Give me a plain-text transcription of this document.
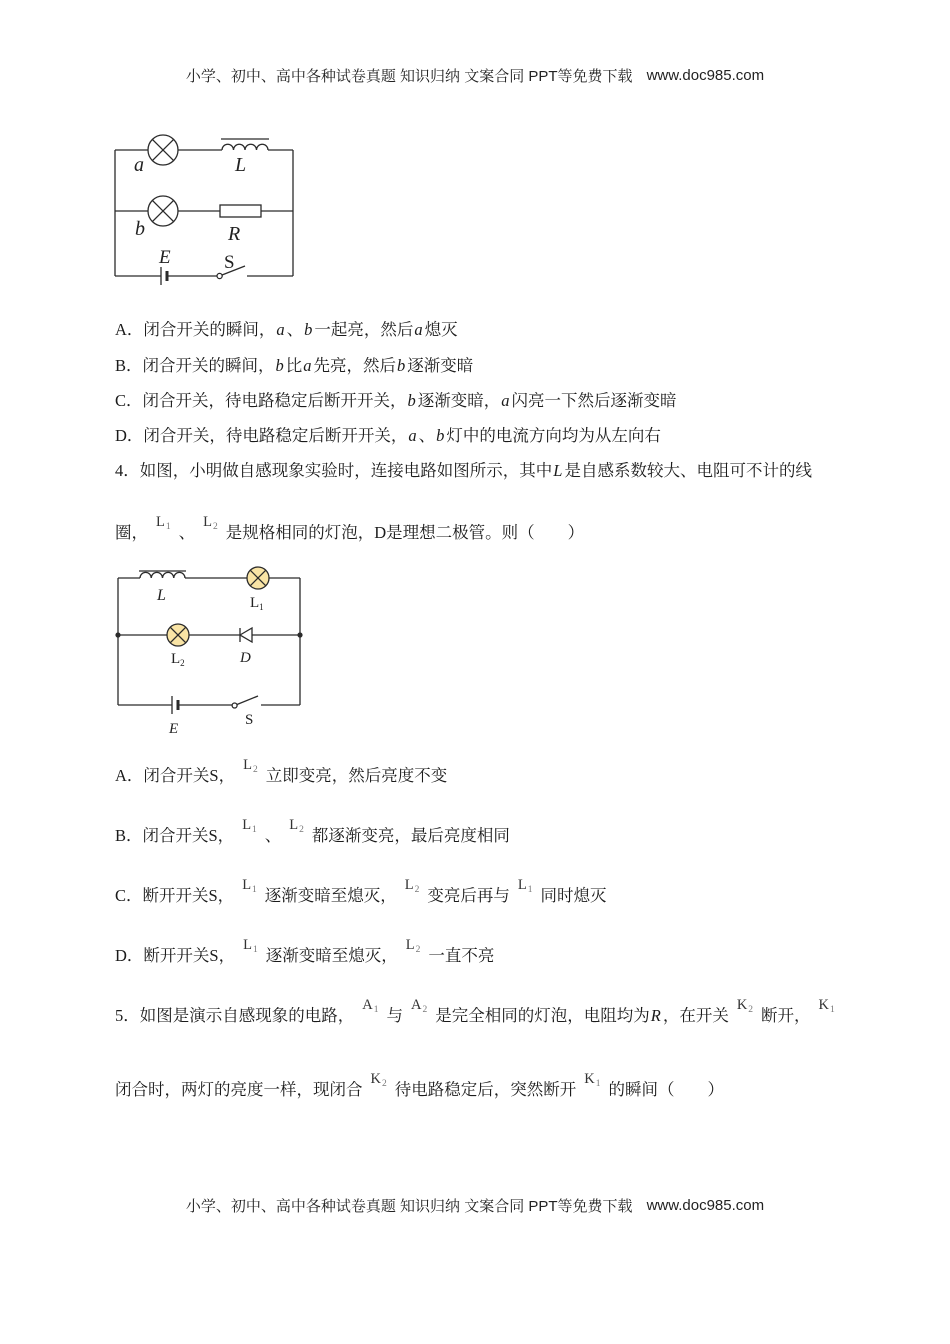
小学、初中、高中各种试卷真题 知识归纳 文案合同 PPT等免费下载 www.doc985.com
a	L
b	R
E	S
A．闭合开关的瞬间， a 、 b 一起亮，然后 a 熄灭
B．闭合开关的瞬间， b 比 a 先亮，然后 b 逐渐变暗
C．闭合开关，待电路稳定后断开开关， b 逐渐变暗， a 闪亮一下然后逐渐变暗
D．闭合开关，待电路稳定后断开开关， a 、 b 灯中的电流方向均为从左向右
4．如图，小明做自感现象实验时，连接电路如图所示，其中 L 是自感系数较大、电阻可不计的线
圈，
$L_1$ 、
$L_2$ 是规格相同的灯泡，D是理想二极管。则（　　）
L	$L_1$
$L_2$	D
E
S
A．闭合开关S，
$L_2$ 立即变亮，然后亮度不变
B．闭合开关S，
$L_1$ 、
$L_2$ 都逐渐变亮，最后亮度相同
C．断开开关S，
$L_1$ 逐渐变暗至熄灭，
$L_2$ 变亮后再与
$L_1$ 同时熄灭
D．断开开关S，
$L_1$ 逐渐变暗至熄灭，
$L_2$ 一直不亮
5．如图是演示自感现象的电路，
$A_1$ 与
$A_2$ 是完全相同的灯泡，电阻均为 R ，在开关
$K_2$ 断开，
$K_1$
闭合时，两灯的亮度一样，现闭合
$K_2$ 待电路稳定后，突然断开
$K_1$ 的瞬间（　　）
小学、初中、高中各种试卷真题 知识归纳 文案合同 PPT等免费下载 www.doc985.com
